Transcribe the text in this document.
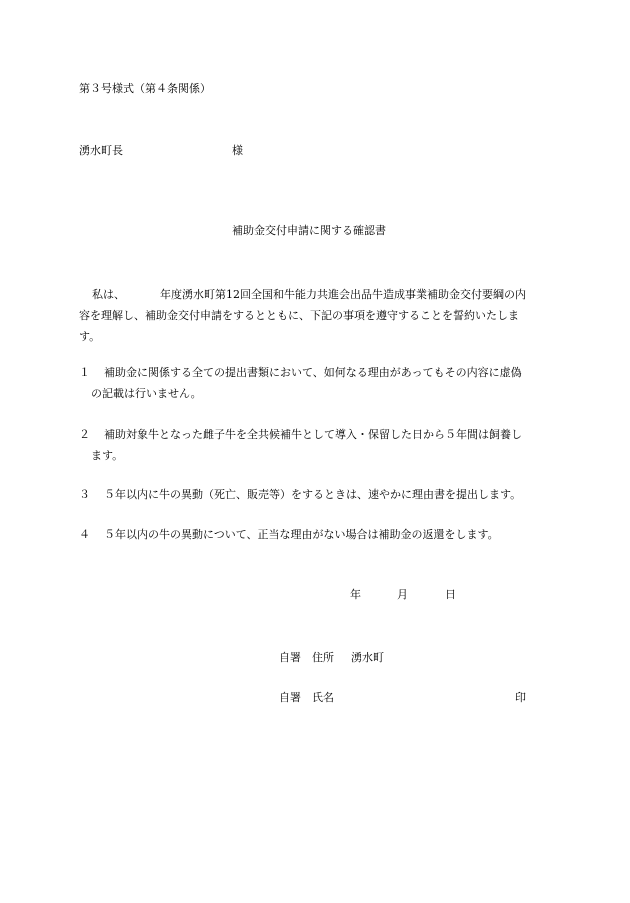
第３号様式（第４条関係）
湧水町長	様
補助金交付申請に関する確認書
私は、	年度湧水町第12回全国和牛能力共進会出品牛造成事業補助金交付要綱の内
容を理解し、補助金交付申請をするとともに、下記の事項を遵守することを誓約いたしま
す。
１ 補助金に関係する全ての提出書類において、如何なる理由があってもその内容に虚偽
の記載は行いません。
２ 補助対象牛となった雌子牛を全共候補牛として導入・保留した日から５年間は飼養し
ます。
３ ５年以内に牛の異動（死亡、販売等）をするときは、速やかに理由書を提出します。
４ ５年以内の牛の異動について、正当な理由がない場合は補助金の返還をします。
年	月	日
自署　住所 湧水町
自署　氏名	印
